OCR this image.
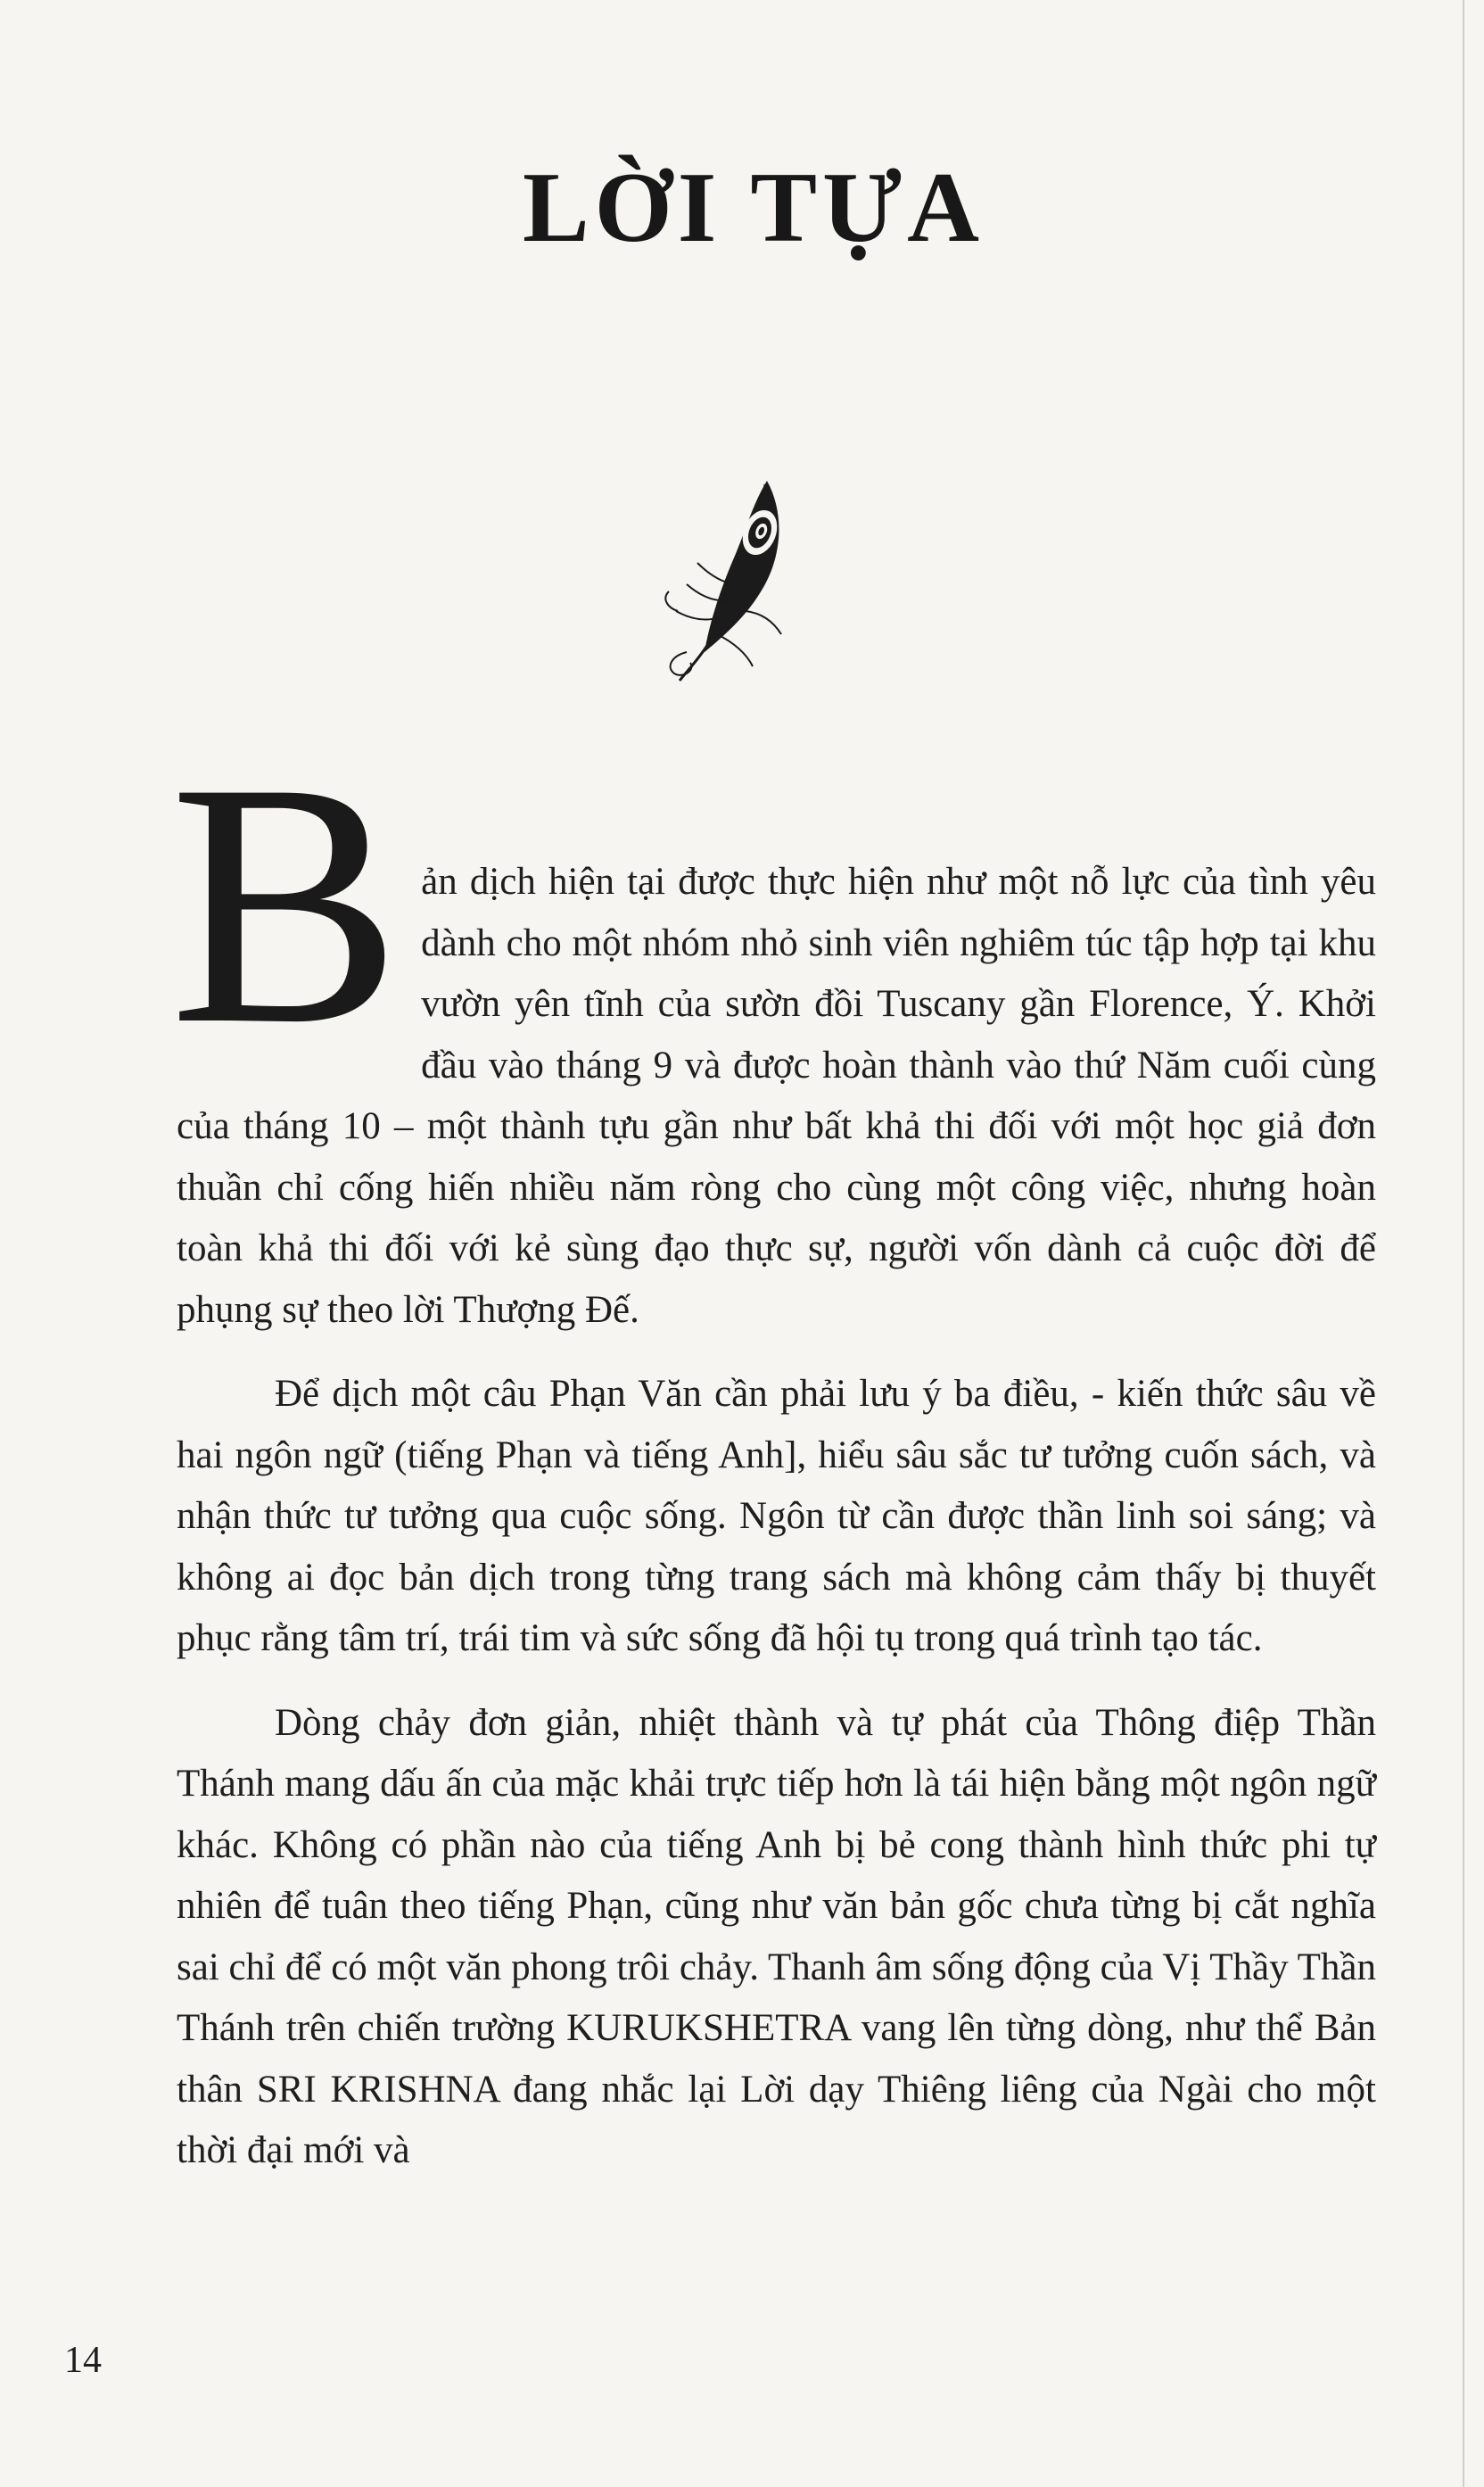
LỜI TỰA

Bản dịch hiện tại được thực hiện như một nỗ lực của tình yêu dành cho một nhóm nhỏ sinh viên nghiêm túc tập hợp tại khu vườn yên tĩnh của sườn đồi Tuscany gần Florence, Ý. Khởi đầu vào tháng 9 và được hoàn thành vào thứ Năm cuối cùng của tháng 10 – một thành tựu gần như bất khả thi đối với một học giả đơn thuần chỉ cống hiến nhiều năm ròng cho cùng một công việc, nhưng hoàn toàn khả thi đối với kẻ sùng đạo thực sự, người vốn dành cả cuộc đời để phụng sự theo lời Thượng Đế.

Để dịch một câu Phạn Văn cần phải lưu ý ba điều, - kiến thức sâu về hai ngôn ngữ (tiếng Phạn và tiếng Anh], hiểu sâu sắc tư tưởng cuốn sách, và nhận thức tư tưởng qua cuộc sống. Ngôn từ cần được thần linh soi sáng; và không ai đọc bản dịch trong từng trang sách mà không cảm thấy bị thuyết phục rằng tâm trí, trái tim và sức sống đã hội tụ trong quá trình tạo tác.

Dòng chảy đơn giản, nhiệt thành và tự phát của Thông điệp Thần Thánh mang dấu ấn của mặc khải trực tiếp hơn là tái hiện bằng một ngôn ngữ khác. Không có phần nào của tiếng Anh bị bẻ cong thành hình thức phi tự nhiên để tuân theo tiếng Phạn, cũng như văn bản gốc chưa từng bị cắt nghĩa sai chỉ để có một văn phong trôi chảy. Thanh âm sống động của Vị Thầy Thần Thánh trên chiến trường KURUKSHETRA vang lên từng dòng, như thể Bản thân SRI KRISHNA đang nhắc lại Lời dạy Thiêng liêng của Ngài cho một thời đại mới và

14
